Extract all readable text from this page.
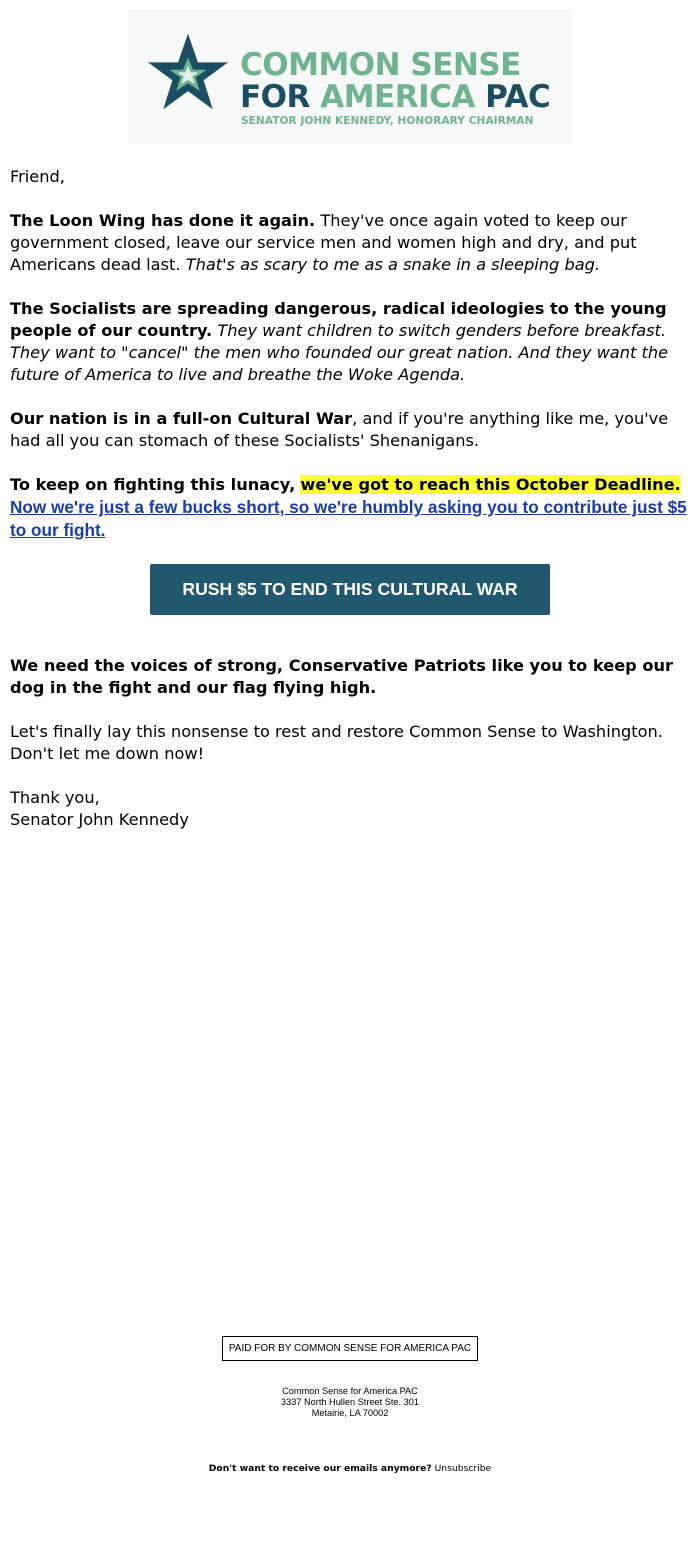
COMMON SENSE
FOR AMERICA PAC
SENATOR JOHN KENNEDY, HONORARY CHAIRMAN

Friend,

The Loon Wing has done it again. They've once again voted to keep our government closed, leave our service men and women high and dry, and put Americans dead last. That's as scary to me as a snake in a sleeping bag.

The Socialists are spreading dangerous, radical ideologies to the young people of our country. They want children to switch genders before breakfast. They want to "cancel" the men who founded our great nation. And they want the future of America to live and breathe the Woke Agenda.

Our nation is in a full-on Cultural War, and if you're anything like me, you've had all you can stomach of these Socialists' Shenanigans.

To keep on fighting this lunacy, we've got to reach this October Deadline. Now we're just a few bucks short, so we're humbly asking you to contribute just $5 to our fight.

RUSH $5 TO END THIS CULTURAL WAR

We need the voices of strong, Conservative Patriots like you to keep our dog in the fight and our flag flying high.

Let's finally lay this nonsense to rest and restore Common Sense to Washington. Don't let me down now!

Thank you,
Senator John Kennedy

PAID FOR BY COMMON SENSE FOR AMERICA PAC
Common Sense for America PAC
3337 North Hullen Street Ste. 301
Metairie, LA 70002
Don't want to receive our emails anymore? Unsubscribe
